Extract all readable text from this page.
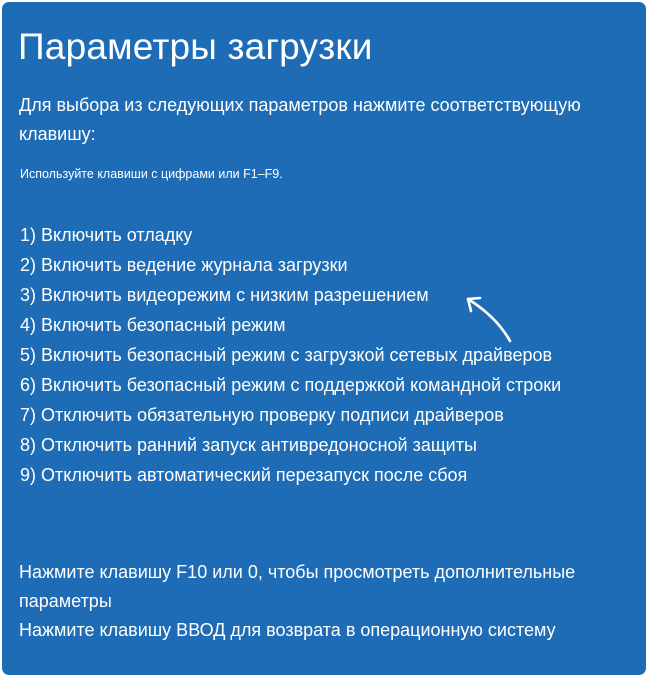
Параметры загрузки

Для выбора из следующих параметров нажмите соответствующую клавишу:

Используйте клавиши с цифрами или F1–F9.

1) Включить отладку
2) Включить ведение журнала загрузки
3) Включить видеорежим с низким разрешением
4) Включить безопасный режим
5) Включить безопасный режим с загрузкой сетевых драйверов
6) Включить безопасный режим с поддержкой командной строки
7) Отключить обязательную проверку подписи драйверов
8) Отключить ранний запуск антивредоносной защиты
9) Отключить автоматический перезапуск после сбоя

Нажмите клавишу F10 или 0, чтобы просмотреть дополнительные параметры

Нажмите клавишу ВВОД для возврата в операционную систему
